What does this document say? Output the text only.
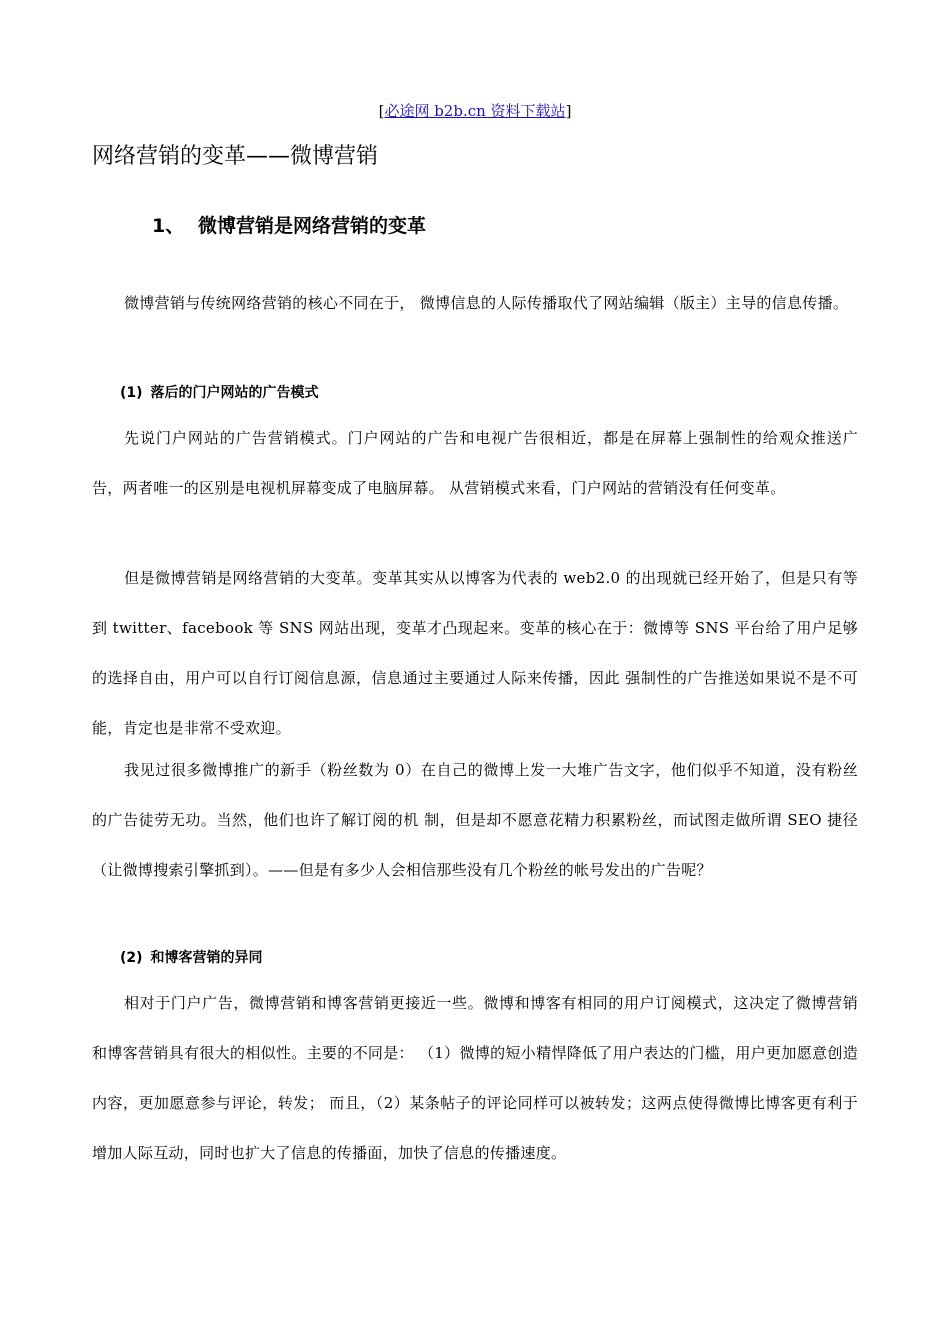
[必途网 b2b.cn 资料下载站]
网络营销的变革——微博营销
1、 微博营销是网络营销的变革

微博营销与传统网络营销的核心不同在于， 微博信息的人际传播取代了网站编辑（版主）主导的信息传播。

(1) 落后的门户网站的广告模式

先说门户网站的广告营销模式。门户网站的广告和电视广告很相近，都是在屏幕上强制性的给观众推送广告，两者唯一的区别是电视机屏幕变成了电脑屏幕。 从营销模式来看，门户网站的营销没有任何变革。

但是微博营销是网络营销的大变革。变革其实从以博客为代表的 web2.0 的出现就已经开始了，但是只有等到 twitter、facebook 等 SNS 网站出现，变革才凸现起来。变革的核心在于：微博等 SNS 平台给了用户足够的选择自由，用户可以自行订阅信息源，信息通过主要通过人际来传播，因此 强制性的广告推送如果说不是不可能，肯定也是非常不受欢迎。

我见过很多微博推广的新手（粉丝数为 0）在自己的微博上发一大堆广告文字，他们似乎不知道，没有粉丝的广告徒劳无功。当然，他们也许了解订阅的机 制，但是却不愿意花精力积累粉丝，而试图走做所谓 SEO 捷径（让微博搜索引擎抓到）。——但是有多少人会相信那些没有几个粉丝的帐号发出的广告呢？

(2) 和博客营销的异同

相对于门户广告，微博营销和博客营销更接近一些。微博和博客有相同的用户订阅模式，这决定了微博营销和博客营销具有很大的相似性。主要的不同是： （1）微博的短小精悍降低了用户表达的门槛，用户更加愿意创造内容，更加愿意参与评论，转发； 而且，（2）某条帖子的评论同样可以被转发；这两点使得微博比博客更有利于增加人际互动，同时也扩大了信息的传播面，加快了信息的传播速度。
